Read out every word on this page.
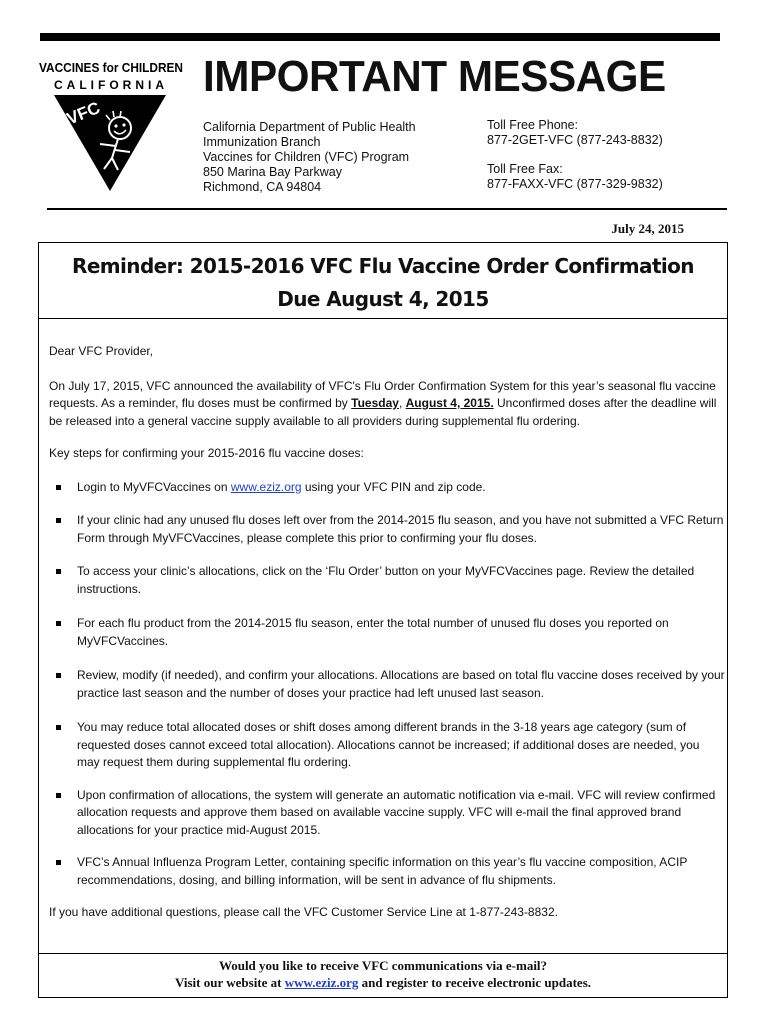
VACCINES for CHILDREN
CALIFORNIA
VFC
IMPORTANT MESSAGE
California Department of Public Health
Immunization Branch
Vaccines for Children (VFC) Program
850 Marina Bay Parkway
Richmond, CA 94804
Toll Free Phone:
877-2GET-VFC (877-243-8832)
Toll Free Fax:
877-FAXX-VFC (877-329-9832)
July 24, 2015
Reminder: 2015-2016 VFC Flu Vaccine Order Confirmation
Due August 4, 2015

Dear VFC Provider,

On July 17, 2015, VFC announced the availability of VFC's Flu Order Confirmation System for this year’s seasonal flu vaccine requests. As a reminder, flu doses must be confirmed by Tuesday, August 4, 2015. Unconfirmed doses after the deadline will be released into a general vaccine supply available to all providers during supplemental flu ordering.

Key steps for confirming your 2015-2016 flu vaccine doses:

Login to MyVFCVaccines on www.eziz.org using your VFC PIN and zip code.
If your clinic had any unused flu doses left over from the 2014-2015 flu season, and you have not submitted a VFC Return Form through MyVFCVaccines, please complete this prior to confirming your flu doses.
To access your clinic’s allocations, click on the ‘Flu Order’ button on your MyVFCVaccines page. Review the detailed instructions.
For each flu product from the 2014-2015 flu season, enter the total number of unused flu doses you reported on MyVFCVaccines.
Review, modify (if needed), and confirm your allocations. Allocations are based on total flu vaccine doses received by your practice last season and the number of doses your practice had left unused last season.
You may reduce total allocated doses or shift doses among different brands in the 3-18 years age category (sum of requested doses cannot exceed total allocation). Allocations cannot be increased; if additional doses are needed, you may request them during supplemental flu ordering.
Upon confirmation of allocations, the system will generate an automatic notification via e-mail. VFC will review confirmed allocation requests and approve them based on available vaccine supply. VFC will e-mail the final approved brand allocations for your practice mid-August 2015.
VFC’s Annual Influenza Program Letter, containing specific information on this year’s flu vaccine composition, ACIP recommendations, dosing, and billing information, will be sent in advance of flu shipments.

If you have additional questions, please call the VFC Customer Service Line at 1-877-243-8832.

Would you like to receive VFC communications via e-mail?
Visit our website at www.eziz.org and register to receive electronic updates.
